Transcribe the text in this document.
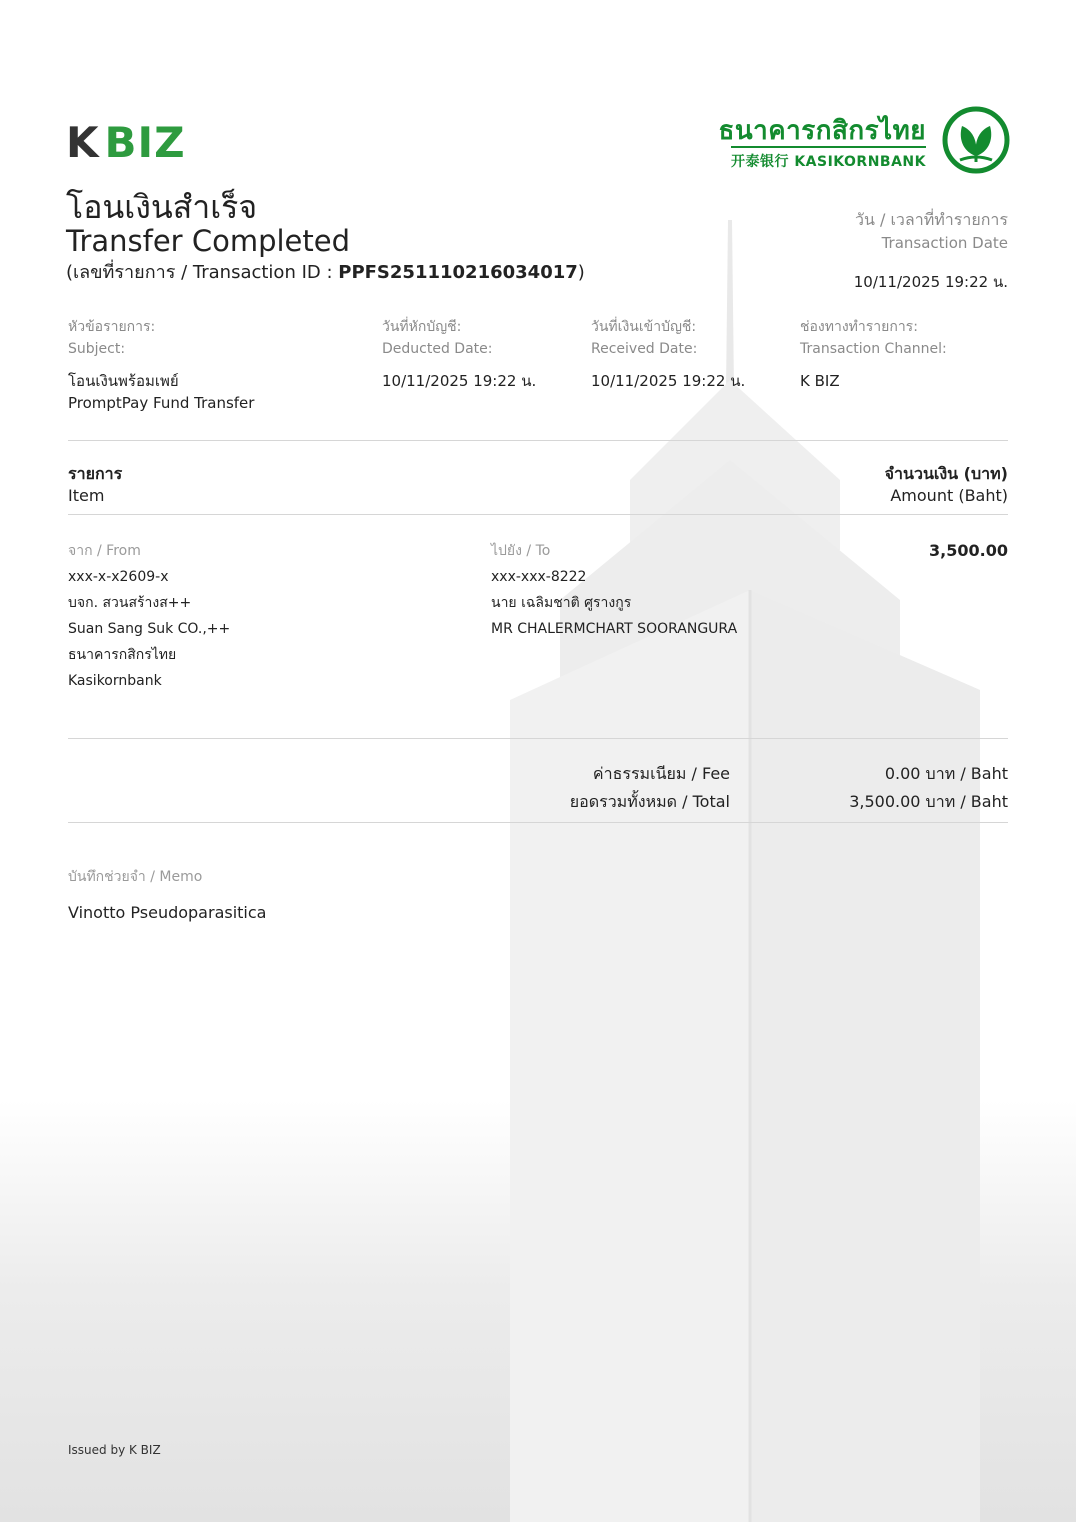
K BIZ	ธนาคารกสิกรไทย
开泰银行 KASIKORNBANK
โอนเงินสำเร็จ
Transfer Completed
(เลขที่รายการ / Transaction ID : PPFS251110216034017)
วัน / เวลาที่ทำรายการ
Transaction Date
10/11/2025 19:22 น.
หัวข้อรายการ:
Subject:
โอนเงินพร้อมเพย์
PromptPay Fund Transfer
วันที่หักบัญชี:
Deducted Date:
10/11/2025 19:22 น.
วันที่เงินเข้าบัญชี:
Received Date:
10/11/2025 19:22 น.
ช่องทางทำรายการ:
Transaction Channel:
K BIZ
รายการ
Item
จำนวนเงิน (บาท)
Amount (Baht)
จาก / From
xxx-x-x2609-x
บจก. สวนสร้างส++
Suan Sang Suk CO.,++
ธนาคารกสิกรไทย
Kasikornbank
ไปยัง / To
xxx-xxx-8222
นาย เฉลิมชาติ ศูรางกูร
MR CHALERMCHART SOORANGURA
3,500.00
ค่าธรรมเนียม / Fee	0.00 บาท / Baht
ยอดรวมทั้งหมด / Total	3,500.00 บาท / Baht
บันทึกช่วยจำ / Memo
Vinotto Pseudoparasitica
Issued by K BIZ
